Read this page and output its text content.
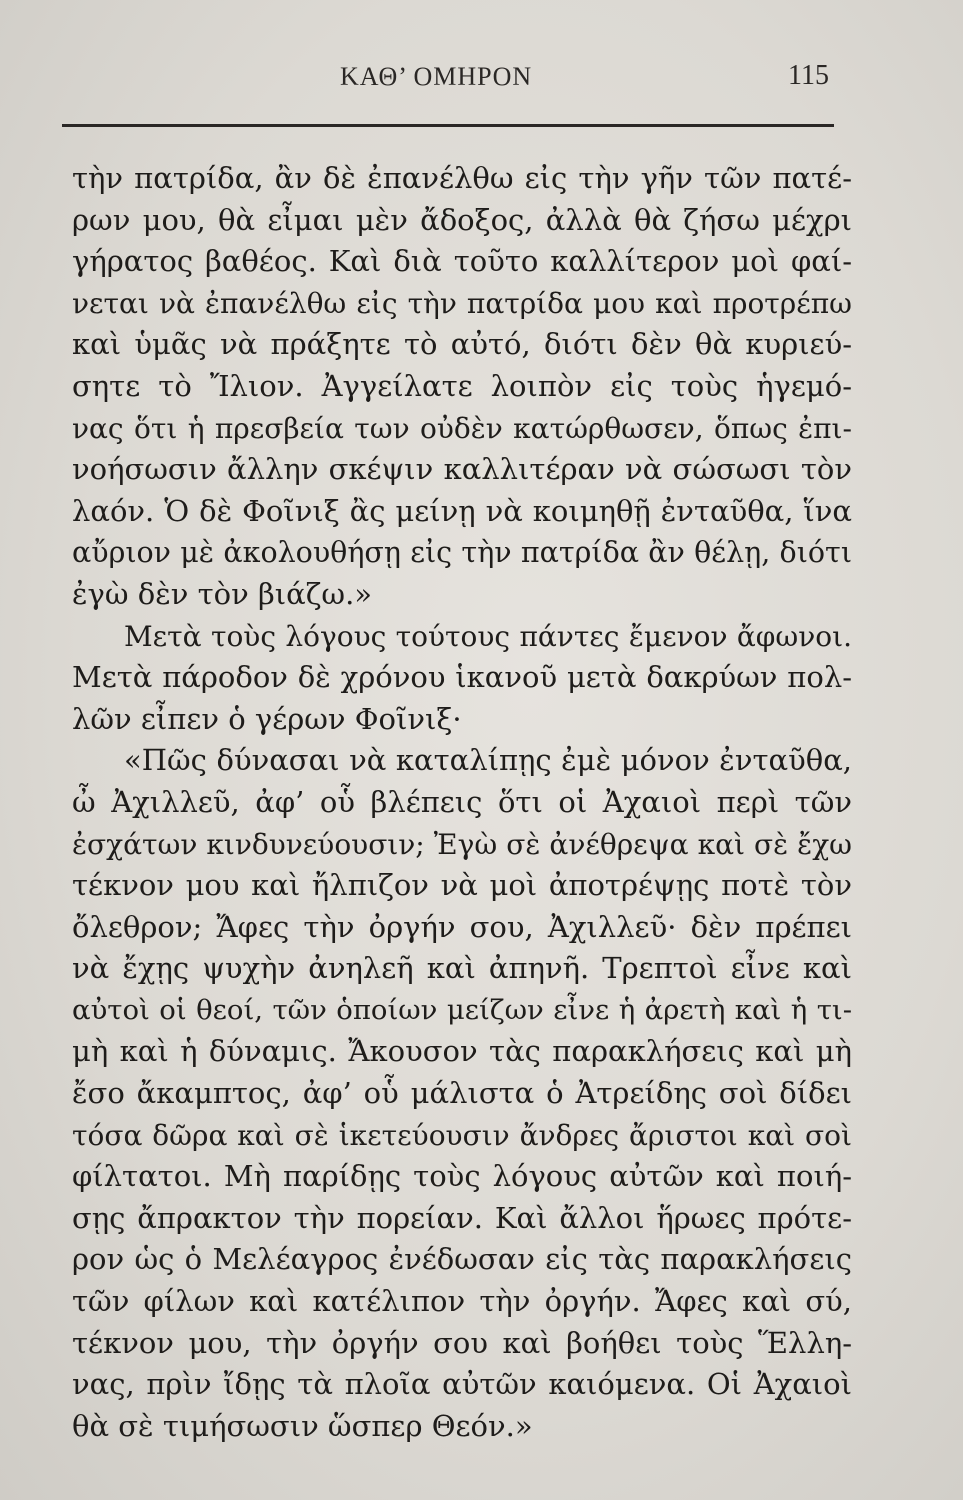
ΚΑΘ’ ΟΜΗΡΟΝ	115
τὴν πατρίδα, ἂν δὲ ἐπανέλθω εἰς τὴν γῆν τῶν πατέ-
ρων μου, θὰ εἶμαι μὲν ἄδοξος, ἀλλὰ θὰ ζήσω μέχρι
γήρατος βαθέος. Καὶ διὰ τοῦτο καλλίτερον μοὶ φαί-
νεται νὰ ἐπανέλθω εἰς τὴν πατρίδα μου καὶ προτρέπω
καὶ ὑμᾶς νὰ πράξητε τὸ αὐτό, διότι δὲν θὰ κυριεύ-
σητε τὸ Ἴλιον. Ἀγγείλατε λοιπὸν εἰς τοὺς ἡγεμό-
νας ὅτι ἡ πρεσβεία των οὐδὲν κατώρθωσεν, ὅπως ἐπι-
νοήσωσιν ἄλλην σκέψιν καλλιτέραν νὰ σώσωσι τὸν
λαόν. Ὁ δὲ Φοῖνιξ ἂς μείνῃ νὰ κοιμηθῇ ἐνταῦθα, ἵνα
αὔριον μὲ ἀκολουθήσῃ εἰς τὴν πατρίδα ἂν θέλῃ, διότι
ἐγὼ δὲν τὸν βιάζω.»
Μετὰ τοὺς λόγους τούτους πάντες ἔμενον ἄφωνοι.
Μετὰ πάροδον δὲ χρόνου ἱκανοῦ μετὰ δακρύων πολ-
λῶν εἶπεν ὁ γέρων Φοῖνιξ·
«Πῶς δύνασαι νὰ καταλίπῃς ἐμὲ μόνον ἐνταῦθα,
ὦ Ἀχιλλεῦ, ἀφ’ οὗ βλέπεις ὅτι οἱ Ἀχαιοὶ περὶ τῶν
ἐσχάτων κινδυνεύουσιν; Ἐγὼ σὲ ἀνέθρεψα καὶ σὲ ἔχω
τέκνον μου καὶ ἤλπιζον νὰ μοὶ ἀποτρέψῃς ποτὲ τὸν
ὄλεθρον; Ἄφες τὴν ὀργήν σου, Ἀχιλλεῦ· δὲν πρέπει
νὰ ἔχῃς ψυχὴν ἀνηλεῆ καὶ ἀπηνῆ. Τρεπτοὶ εἶνε καὶ
αὐτοὶ οἱ θεοί, τῶν ὁποίων μείζων εἶνε ἡ ἀρετὴ καὶ ἡ τι-
μὴ καὶ ἡ δύναμις. Ἄκουσον τὰς παρακλήσεις καὶ μὴ
ἔσο ἄκαμπτος, ἀφ’ οὗ μάλιστα ὁ Ἀτρείδης σοὶ δίδει
τόσα δῶρα καὶ σὲ ἱκετεύουσιν ἄνδρες ἄριστοι καὶ σοὶ
φίλτατοι. Μὴ παρίδῃς τοὺς λόγους αὐτῶν καὶ ποιή-
σῃς ἄπρακτον τὴν πορείαν. Καὶ ἄλλοι ἥρωες πρότε-
ρον ὡς ὁ Μελέαγρος ἐνέδωσαν εἰς τὰς παρακλήσεις
τῶν φίλων καὶ κατέλιπον τὴν ὀργήν. Ἄφες καὶ σύ,
τέκνον μου, τὴν ὀργήν σου καὶ βοήθει τοὺς Ἕλλη-
νας, πρὶν ἴδῃς τὰ πλοῖα αὐτῶν καιόμενα. Οἱ Ἀχαιοὶ
θὰ σὲ τιμήσωσιν ὥσπερ Θεόν.»
